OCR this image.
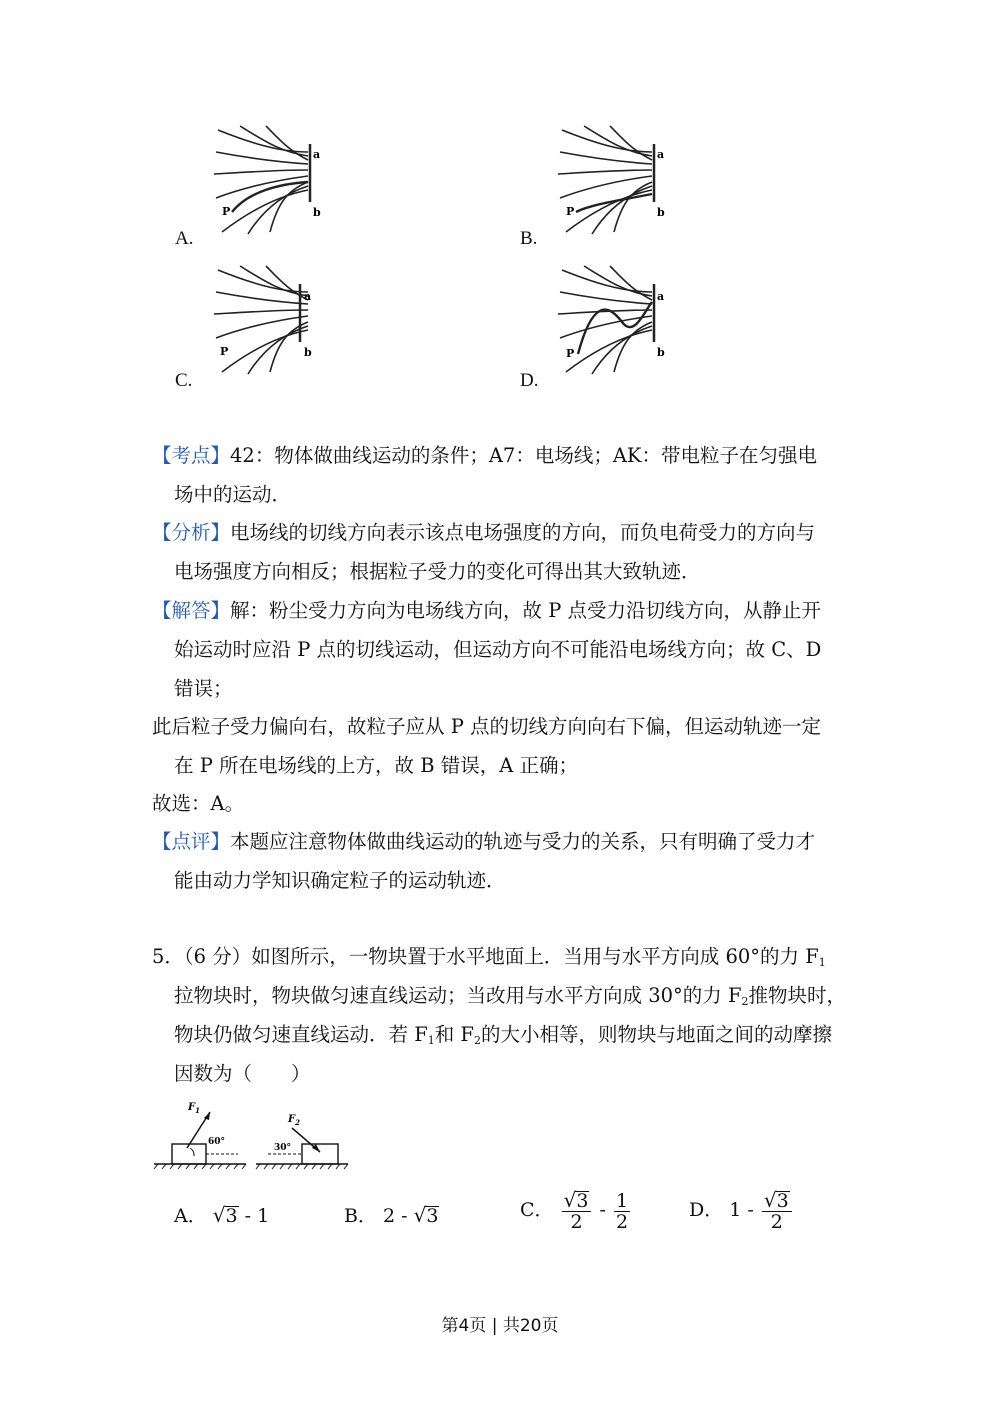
a
b
P
A.
a
b
P
B.
a
b
P
C.
a
b
P
D.
【考点】42：物体做曲线运动的条件；A7：电场线；AK：带电粒子在匀强电
场中的运动．
【分析】电场线的切线方向表示该点电场强度的方向，而负电荷受力的方向与
电场强度方向相反；根据粒子受力的变化可得出其大致轨迹．
【解答】解：粉尘受力方向为电场线方向，故 P 点受力沿切线方向，从静止开
始运动时应沿 P 点的切线运动，但运动方向不可能沿电场线方向；故 C、D
错误；
此后粒子受力偏向右，故粒子应从 P 点的切线方向向右下偏，但运动轨迹一定
在 P 所在电场线的上方，故 B 错误，A 正确；
故选：A。
【点评】本题应注意物体做曲线运动的轨迹与受力的关系，只有明确了受力才
能由动力学知识确定粒子的运动轨迹．
5．（6 分）如图所示，一物块置于水平地面上．当用与水平方向成 60°的力 F1
拉物块时，物块做匀速直线运动；当改用与水平方向成 30°的力 F2推物块时，
物块仍做匀速直线运动．若 F1和 F2的大小相等，则物块与地面之间的动摩擦
因数为（　　）
$F_1$
60°
$F_2$
30°
A． √3 - 1	B． 2 - √3	C． $\frac{√3}{2} - \frac{1}{2}$	D． $1 - \frac{√3}{2}$
第4页 | 共20页
